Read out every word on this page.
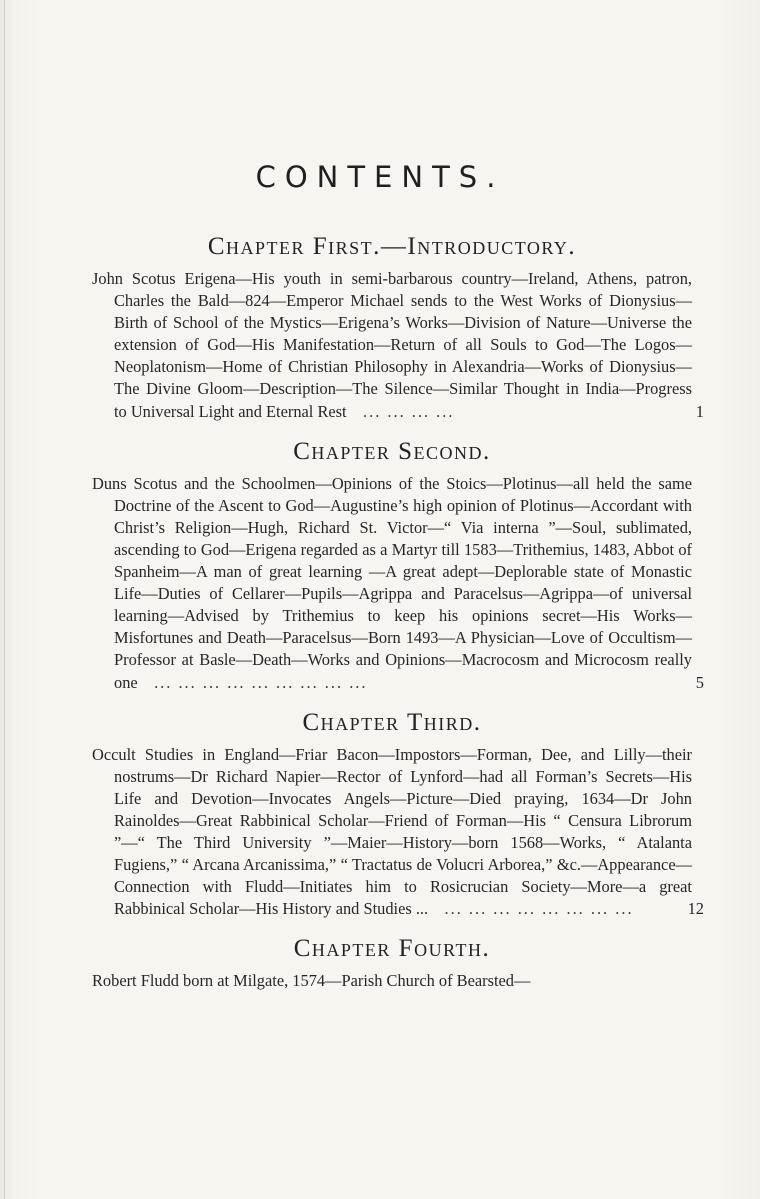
CONTENTS.
Chapter First.—Introductory.

John Scotus Erigena—His youth in semi-barbarous country—Ireland, Athens, patron, Charles the Bald—824—Emperor Michael sends to the West Works of Dionysius—Birth of School of the Mystics—Erigena’s Works—Division of Nature—Universe the extension of God—His Manifestation—Return of all Souls to God—The Logos—Neoplatonism—Home of Christian Philosophy in Alexandria—Works of Dionysius—The Divine Gloom—Description—The Silence—Similar Thought in India—Progress to Universal Light and Eternal Rest ... ... ... ...	1

Chapter Second.

Duns Scotus and the Schoolmen—Opinions of the Stoics—Plotinus—all held the same Doctrine of the Ascent to God—Augustine’s high opinion of Plotinus—Accordant with Christ’s Religion—Hugh, Richard St. Victor—“ Via interna ”—Soul, sublimated, ascending to God—Erigena regarded as a Martyr till 1583—Trithemius, 1483, Abbot of Spanheim—A man of great learning —A great adept—Deplorable state of Monastic Life—Duties of Cellarer—Pupils—Agrippa and Paracelsus—Agrippa—of universal learning—Advised by Trithemius to keep his opinions secret—His Works—Misfortunes and Death—Paracelsus—Born 1493—A Physician—Love of Occultism—Professor at Basle—Death—Works and Opinions—Macrocosm and Microcosm really one ... ... ... ... ... ... ... ... ...	5

Chapter Third.

Occult Studies in England—Friar Bacon—Impostors—Forman, Dee, and Lilly—their nostrums—Dr Richard Napier—Rector of Lynford—had all Forman’s Secrets—His Life and Devotion—Invocates Angels—Picture—Died praying, 1634—Dr John Rainoldes—Great Rabbinical Scholar—Friend of Forman—His “ Censura Librorum ”—“ The Third University ”—Maier—History—born 1568—Works, “ Atalanta Fugiens,” “ Arcana Arcanissima,” “ Tractatus de Volucri Arborea,” &c.—Appearance—Connection with Fludd—Initiates him to Rosicrucian Society—More—a great Rabbinical Scholar—His History and Studies ... ... ... ... ... ... ... ... ...	12

Chapter Fourth.

Robert Fludd born at Milgate, 1574—Parish Church of Bearsted—
